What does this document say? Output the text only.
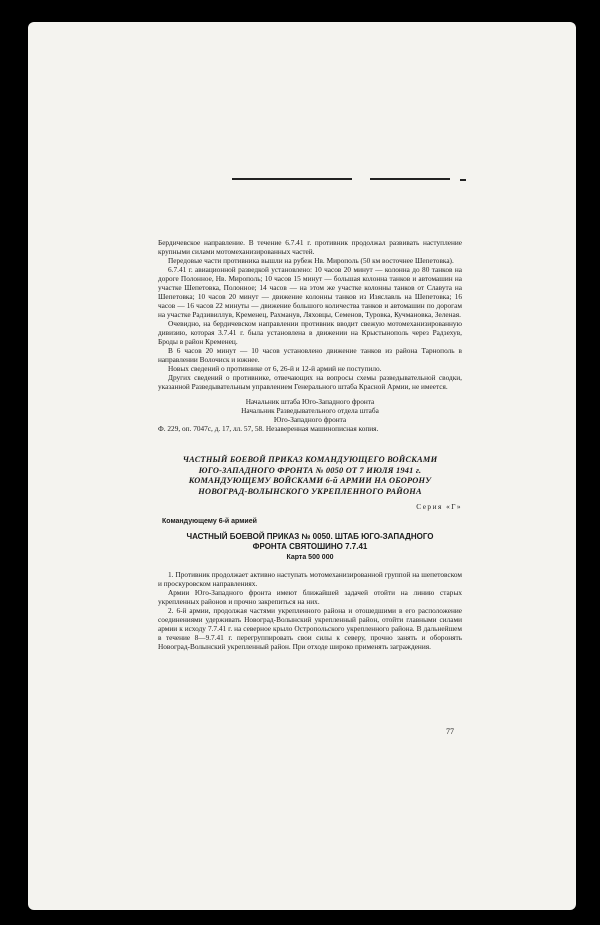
Бердичевское направление. В течение 6.7.41 г. противник продолжал развивать наступление крупными силами мотомеханизированных частей.

Передовые части противника вышли на рубеж Нв. Мирополь (50 км восточнее Шепетовка).

6.7.41 г. авиационной разведкой установлено: 10 часов 20 минут — колонна до 80 танков на дороге Полонное, Нв. Мирополь; 10 часов 15 минут — большая колонна танков и автомашин на участке Шепетовка, Полонное; 14 часов — на этом же участке колонны танков от Славута на Шепетовка; 10 часов 20 минут — движение колонны танков из Изяславль на Шепетовка; 16 часов — 16 часов 22 минуты — движение большого количества танков и автомашин по дорогам на участке Радзивиллув, Кременец, Рахманув, Ляховцы, Семенов, Туровка, Кучмановка, Зеленая.

Очевидно, на бердичевском направлении противник вводит свежую мотомеханизированную дивизию, которая 3.7.41 г. была установлена в движении на Крыстынополь через Радзехув, Броды в район Кременец.

В 6 часов 20 минут — 10 часов установлено движение танков из района Тарнополь в направлении Волочиск и южнее.

Новых сведений о противнике от 6, 26-й и 12-й армий не поступило.

Других сведений о противнике, отвечающих на вопросы схемы разведывательной сводки, указанной Разведывательным управлением Генерального штаба Красной Армии, не имеется.

Начальник штаба Юго-Западного фронта

Начальник Разведывательного отдела штаба

Юго-Западного фронта

Ф. 229, оп. 7047с, д. 17, лл. 57, 58. Незаверенная машинописная копия.

ЧАСТНЫЙ БОЕВОЙ ПРИКАЗ КОМАНДУЮЩЕГО ВОЙСКАМИ
ЮГО-ЗАПАДНОГО ФРОНТА № 0050 ОТ 7 ИЮЛЯ 1941 г.
КОМАНДУЮЩЕМУ ВОЙСКАМИ 6-й АРМИИ НА ОБОРОНУ
НОВОГРАД-ВОЛЫНСКОГО УКРЕПЛЕННОГО РАЙОНА
Серия «Г»
Командующему 6-й армией
ЧАСТНЫЙ БОЕВОЙ ПРИКАЗ № 0050. ШТАБ ЮГО-ЗАПАДНОГО
ФРОНТА СВЯТОШИНО 7.7.41
Карта 500 000

1. Противник продолжает активно наступать мотомеханизированной группой на шепетовском и проскуровском направлениях.

Армии Юго-Западного фронта имеют ближайшей задачей отойти на линию старых укрепленных районов и прочно закрепиться на них.

2. 6-й армии, продолжая частями укрепленного района и отошедшими в его расположение соединениями удерживать Новоград-Волынский укрепленный район, отойти главными силами армии к исходу 7.7.41 г. на северное крыло Остропольского укрепленного района. В дальнейшем в течение 8—9.7.41 г. перегруппировать свои силы к северу, прочно занять и оборонять Новоград-Волынский укрепленный район. При отходе широко применять заграждения.

77
